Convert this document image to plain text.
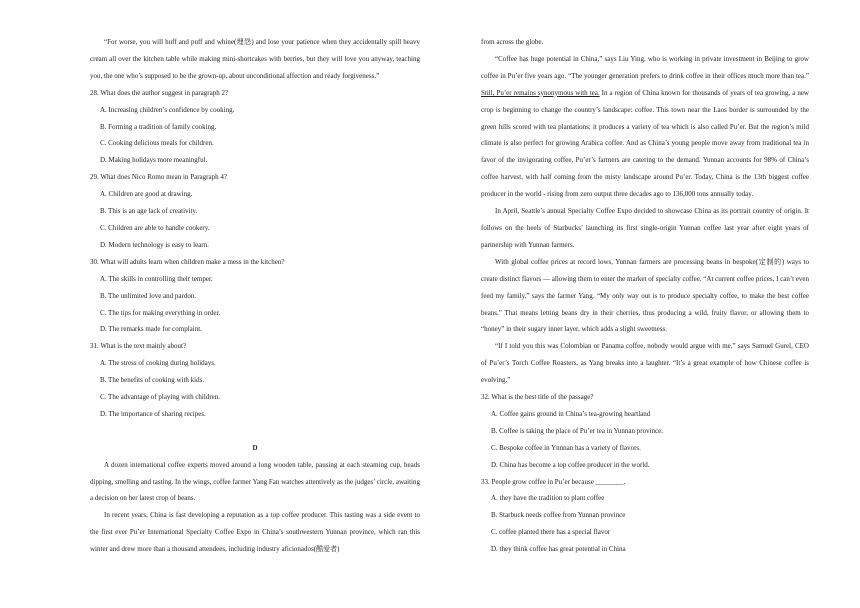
“For worse, you will huff and puff and whine(埋怨) and lose your patience when they accidentally spill heavy cream all over the kitchen table while making mini-shortcakes with berries, but they will love you anyway, teaching you, the one who’s supposed to be the grown-up, about unconditional affection and ready forgiveness.”

28. What does the author suggest in paragraph 2?

A. Increasing children’s confidence by cooking.

B. Forming a tradition of family cooking.

C. Cooking delicious meals for children.

D. Making holidays more meaningful.

29. What does Nico Romo mean in Paragraph 4?

A. Children are good at drawing.

B. This is an age lack of creativity.

C. Children are able to handle cookery.

D. Modern technology is easy to learn.

30. What will adults learn when children make a mess in the kitchen?

A. The skills in controlling their temper.

B. The unlimited love and pardon.

C. The tips for making everything in order.

D. The remarks made for complaint.

31. What is the text mainly about?

A. The stress of cooking during holidays.

B. The benefits of cooking with kids.

C. The advantage of playing with children.

D. The importance of sharing recipes.

D

A dozen international coffee experts moved around a long wooden table, pausing at each steaming cup, heads dipping, smelling and tasting. In the wings, coffee farmer Yang Fan watches attentively as the judges’ circle, awaiting a decision on her latest crop of beans.

In recent years, China is fast developing a reputation as a top coffee producer. This tasting was a side event to the first ever Pu’er International Specialty Coffee Expo in China’s southwestern Yunnan province, which ran this winter and drew more than a thousand attendees, including industry aficionados(酷爱者)

from across the globe.

“Coffee has huge potential in China,” says Liu Ying, who is working in private investment in Beijing to grow coffee in Pu’er five years ago. “The younger generation prefers to drink coffee in their offices much more than tea.” Still, Pu’er remains synonymous with tea. In a region of China known for thousands of years of tea growing, a new crop is beginning to change the country’s landscape: coffee. This town near the Laos border is surrounded by the green hills scored with tea plantations; it produces a variety of tea which is also called Pu’er. But the region’s mild climate is also perfect for growing Arabica coffee. And as China’s young people move away from traditional tea in favor of the invigorating coffee, Pu’er’s farmers are catering to the demand. Yunnan accounts for 98% of China’s coffee harvest, with half coming from the misty landscape around Pu’er. Today, China is the 13th biggest coffee producer in the world - rising from zero output three decades ago to 136,000 tons annually today.

In April, Seattle’s annual Specialty Coffee Expo decided to showcase China as its portrait country of origin. It follows on the heels of Starbucks’ launching its first single-origin Yunnan coffee last year after eight years of partnership with Yunnan farmers.

With global coffee prices at record lows, Yunnan farmers are processing beans in bespoke(定制的) ways to create distinct flavors — allowing them to enter the market of specialty coffee. “At current coffee prices, I can’t even feed my family,” says the farmer Yang. “My only way out is to produce specialty coffee, to make the best coffee beans.” That means letting beans dry in their cherries, thus producing a wild, fruity flavor, or allowing them to “honey” in their sugary inner layer, which adds a slight sweetness.

“If I told you this was Colombian or Panama coffee, nobody would argue with me,” says Samuel Gurel, CEO of Pu’er’s Torch Coffee Roasters, as Yang breaks into a laughter. “It’s a great example of how Chinese coffee is evolving.”

32. What is the best title of the passage?

A. Coffee gains ground in China’s tea-growing heartland

B. Coffee is taking the place of Pu’er tea in Yunnan province.

C. Bespoke coffee in Ynnnan has a variety of flavors.

D. China has become a top coffee producer in the world.

33. People grow coffee in Pu’er because ________.

A. they have the tradition to plant coffee

B. Starbuck needs coffee from Yunnan province

C. coffee planted there has a special flavor

D. they think coffee has great potential in China
